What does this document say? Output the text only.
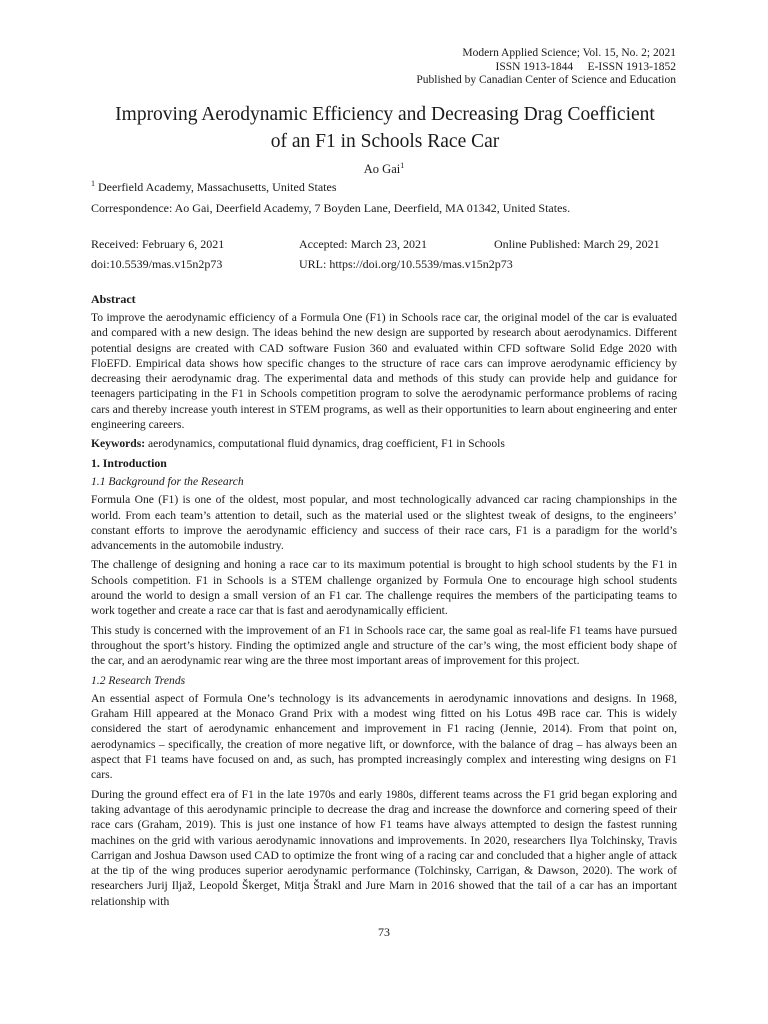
Modern Applied Science; Vol. 15, No. 2; 2021
ISSN 1913-1844     E-ISSN 1913-1852
Published by Canadian Center of Science and Education
Improving Aerodynamic Efficiency and Decreasing Drag Coefficient
of an F1 in Schools Race Car
Ao Gai$^1$
$^1$ Deerfield Academy, Massachusetts, United States
Correspondence: Ao Gai, Deerfield Academy, 7 Boyden Lane, Deerfield, MA 01342, United States.
Received: February 6, 2021	Accepted: March 23, 2021	Online Published: March 29, 2021
doi:10.5539/mas.v15n2p73	URL: https://doi.org/10.5539/mas.v15n2p73
Abstract

To improve the aerodynamic efficiency of a Formula One (F1) in Schools race car, the original model of the car is evaluated and compared with a new design. The ideas behind the new design are supported by research about aerodynamics. Different potential designs are created with CAD software Fusion 360 and evaluated within CFD software Solid Edge 2020 with FloEFD. Empirical data shows how specific changes to the structure of race cars can improve aerodynamic efficiency by decreasing their aerodynamic drag. The experimental data and methods of this study can provide help and guidance for teenagers participating in the F1 in Schools competition program to solve the aerodynamic performance problems of racing cars and thereby increase youth interest in STEM programs, as well as their opportunities to learn about engineering and enter engineering careers.

Keywords: aerodynamics, computational fluid dynamics, drag coefficient, F1 in Schools

1. Introduction
1.1 Background for the Research

Formula One (F1) is one of the oldest, most popular, and most technologically advanced car racing championships in the world. From each team’s attention to detail, such as the material used or the slightest tweak of designs, to the engineers’ constant efforts to improve the aerodynamic efficiency and success of their race cars, F1 is a paradigm for the world’s advancements in the automobile industry.

The challenge of designing and honing a race car to its maximum potential is brought to high school students by the F1 in Schools competition. F1 in Schools is a STEM challenge organized by Formula One to encourage high school students around the world to design a small version of an F1 car. The challenge requires the members of the participating teams to work together and create a race car that is fast and aerodynamically efficient.

This study is concerned with the improvement of an F1 in Schools race car, the same goal as real-life F1 teams have pursued throughout the sport’s history. Finding the optimized angle and structure of the car’s wing, the most efficient body shape of the car, and an aerodynamic rear wing are the three most important areas of improvement for this project.

1.2 Research Trends

An essential aspect of Formula One’s technology is its advancements in aerodynamic innovations and designs. In 1968, Graham Hill appeared at the Monaco Grand Prix with a modest wing fitted on his Lotus 49B race car. This is widely considered the start of aerodynamic enhancement and improvement in F1 racing (Jennie, 2014). From that point on, aerodynamics – specifically, the creation of more negative lift, or downforce, with the balance of drag – has always been an aspect that F1 teams have focused on and, as such, has prompted increasingly complex and interesting wing designs on F1 cars.

During the ground effect era of F1 in the late 1970s and early 1980s, different teams across the F1 grid began exploring and taking advantage of this aerodynamic principle to decrease the drag and increase the downforce and cornering speed of their race cars (Graham, 2019). This is just one instance of how F1 teams have always attempted to design the fastest running machines on the grid with various aerodynamic innovations and improvements. In 2020, researchers Ilya Tolchinsky, Travis Carrigan and Joshua Dawson used CAD to optimize the front wing of a racing car and concluded that a higher angle of attack at the tip of the wing produces superior aerodynamic performance (Tolchinsky, Carrigan, & Dawson, 2020). The work of researchers Jurij Iljaž, Leopold Škerget, Mitja Štrakl and Jure Marn in 2016 showed that the tail of a car has an important relationship with

73
